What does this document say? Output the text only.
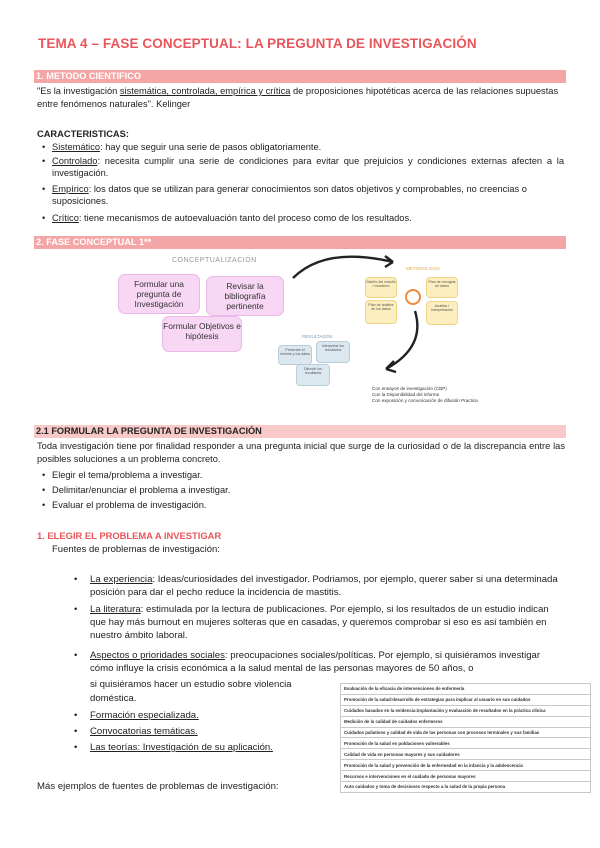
TEMA 4 – FASE CONCEPTUAL: LA PREGUNTA DE INVESTIGACIÓN
1. METODO CIENTIFICO
"Es la investigación sistemática, controlada, empírica y crítica de proposiciones hipotéticas acerca de las relaciones supuestas entre fenómenos naturales". Kelinger
CARACTERISTICAS:
• Sistemático: hay que seguir una serie de pasos obligatoriamente.
• Controlado: necesita cumplir una serie de condiciones para evitar que prejuicios y condiciones externas afecten a la investigación.
• Empírico: los datos que se utilizan para generar conocimientos son datos objetivos y comprobables, no creencias o suposiciones.
• Crítico: tiene mecanismos de autoevaluación tanto del proceso como de los resultados.
2. FASE CONCEPTUAL 1**
CONCEPTUALIZACIÓN
Formular una pregunta de Investigación
Revisar la bibliografía pertinente
Formular Objetivos e hipótesis
METODOLOGÍA
Diseño del estudio / muestreo
Plan de recogida de datos
Plan de análisis de los datos
Análisis / Interpretación
RESULTADOS
Presentar el informe y los datos
Interpretar los resultados
Difundir los resultados
Con ensayos de investigación (CBP)
Con la Disponibilidad del informe
Con exposición y comunicación de difusión Practica
2.1 FORMULAR LA PREGUNTA DE INVESTIGACIÓN
Toda investigación tiene por finalidad responder a una pregunta inicial que surge de la curiosidad o de la discrepancia entre las posibles soluciones a un problema concreto.
• Elegir el tema/problema a investigar.
• Delimitar/enunciar el problema a investigar.
• Evaluar el problema de investigación.
1. ELEGIR EL PROBLEMA A INVESTIGAR
Fuentes de problemas de investigación:
• La experiencia: Ideas/curiosidades del investigador. Podriamos, por ejemplo, querer saber si una determinada posición para dar el pecho reduce la incidencia de mastitis.
• La literatura: estimulada por la lectura de publicaciones. Por ejemplo, si los resultados de un estudio indican que hay más burnout en mujeres solteras que en casadas, y queremos comprobar si eso es asi también en nuestro ámbito laboral.
• Aspectos o prioridades sociales: preocupaciones sociales/políticas. Por ejemplo, si quisiéramos investigar cómo influye la crisis económica a la salud mental de las personas mayores de 50 años, o
si quisiéramos hacer un estudio sobre violencia
doméstica.
• Formación especializada.
• Convocatorias temáticas.
• Las teorías: Investigación de su aplicación.
Más ejemplos de fuentes de problemas de investigación:
Evaluación de la eficacia de intervenciones de enfermería
Promoción de la salud:desarrollo de estrategias para implicar al usuario en sus cuidados
Cuidados basados en la evidencia:implantación y evaluación de resultados en la práctica clínica
Medición de la calidad de cuidados enfermeros
Cuidados paliativos y calidad de vida de las personas con procesos terminales y sus familias
Promoción de la salud en poblaciones vulnerables
Calidad de vida en personas mayores y sus cuidadores
Promoción de la salud y prevención de la enfermedad en la infancia y la adolescencia
Recursos e intervenciones en el cuidado de personas mayores
Auto cuidados y toma de decisiones respecto a la salud de la propia persona
